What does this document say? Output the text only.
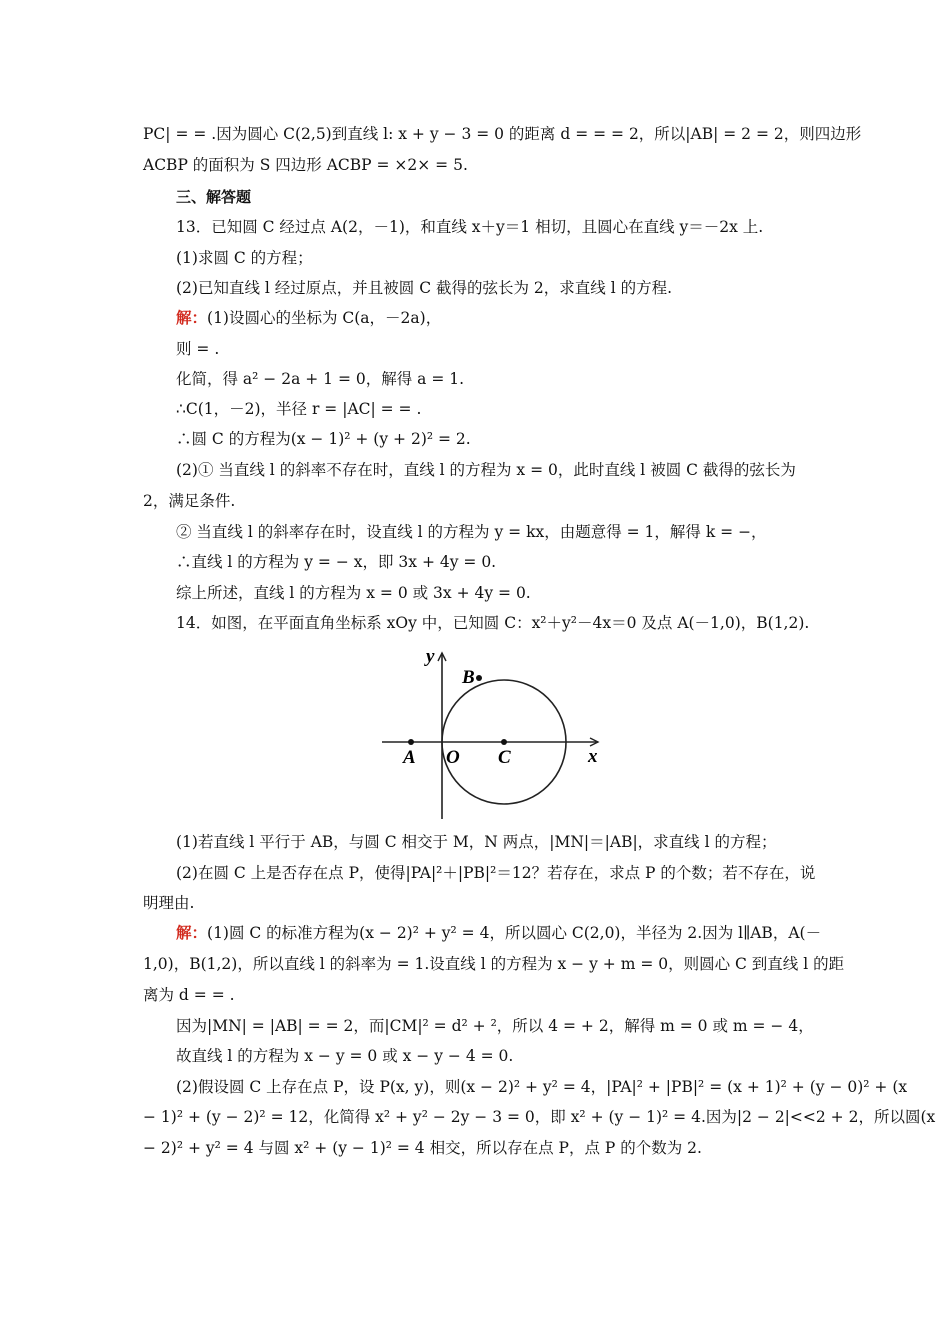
PC| = = .因为圆心 C(2,5)到直线 l: x + y − 3 = 0 的距离 d = = = 2，所以|AB| = 2 = 2，则四边形
ACBP 的面积为 S 四边形 ACBP = ×2× = 5.
三、解答题
13．已知圆 C 经过点 A(2，－1)，和直线 x＋y＝1 相切，且圆心在直线 y＝－2x 上.
(1)求圆 C 的方程；
(2)已知直线 l 经过原点，并且被圆 C 截得的弦长为 2，求直线 l 的方程.
解：(1)设圆心的坐标为 C(a，－2a)，
则 = .
化简，得 a² − 2a + 1 = 0，解得 a = 1.
∴C(1，－2)，半径 r = |AC| = = .
∴圆 C 的方程为(x − 1)² + (y + 2)² = 2.
(2)① 当直线 l 的斜率不存在时，直线 l 的方程为 x = 0，此时直线 l 被圆 C 截得的弦长为
2，满足条件.
② 当直线 l 的斜率存在时，设直线 l 的方程为 y = kx，由题意得 = 1，解得 k = −，
∴直线 l 的方程为 y = − x，即 3x + 4y = 0.
综上所述，直线 l 的方程为 x = 0 或 3x + 4y = 0.
14．如图，在平面直角坐标系 xOy 中，已知圆 C：x²＋y²－4x＝0 及点 A(－1,0)，B(1,2).
y
x
A O C
B
(1)若直线 l 平行于 AB，与圆 C 相交于 M，N 两点，|MN|＝|AB|，求直线 l 的方程；
(2)在圆 C 上是否存在点 P，使得|PA|²＋|PB|²＝12？若存在，求点 P 的个数；若不存在，说
明理由.
解：(1)圆 C 的标准方程为(x − 2)² + y² = 4，所以圆心 C(2,0)，半径为 2.因为 l∥AB，A(－
1,0)，B(1,2)，所以直线 l 的斜率为 = 1.设直线 l 的方程为 x − y + m = 0，则圆心 C 到直线 l 的距
离为 d = = .
因为|MN| = |AB| = = 2，而|CM|² = d² + ²，所以 4 = + 2，解得 m = 0 或 m = − 4，
故直线 l 的方程为 x − y = 0 或 x − y − 4 = 0.
(2)假设圆 C 上存在点 P，设 P(x, y)，则(x − 2)² + y² = 4，|PA|² + |PB|² = (x + 1)² + (y − 0)² + (x
− 1)² + (y − 2)² = 12，化简得 x² + y² − 2y − 3 = 0，即 x² + (y − 1)² = 4.因为|2 − 2|<<2 + 2，所以圆(x
− 2)² + y² = 4 与圆 x² + (y − 1)² = 4 相交，所以存在点 P，点 P 的个数为 2.
